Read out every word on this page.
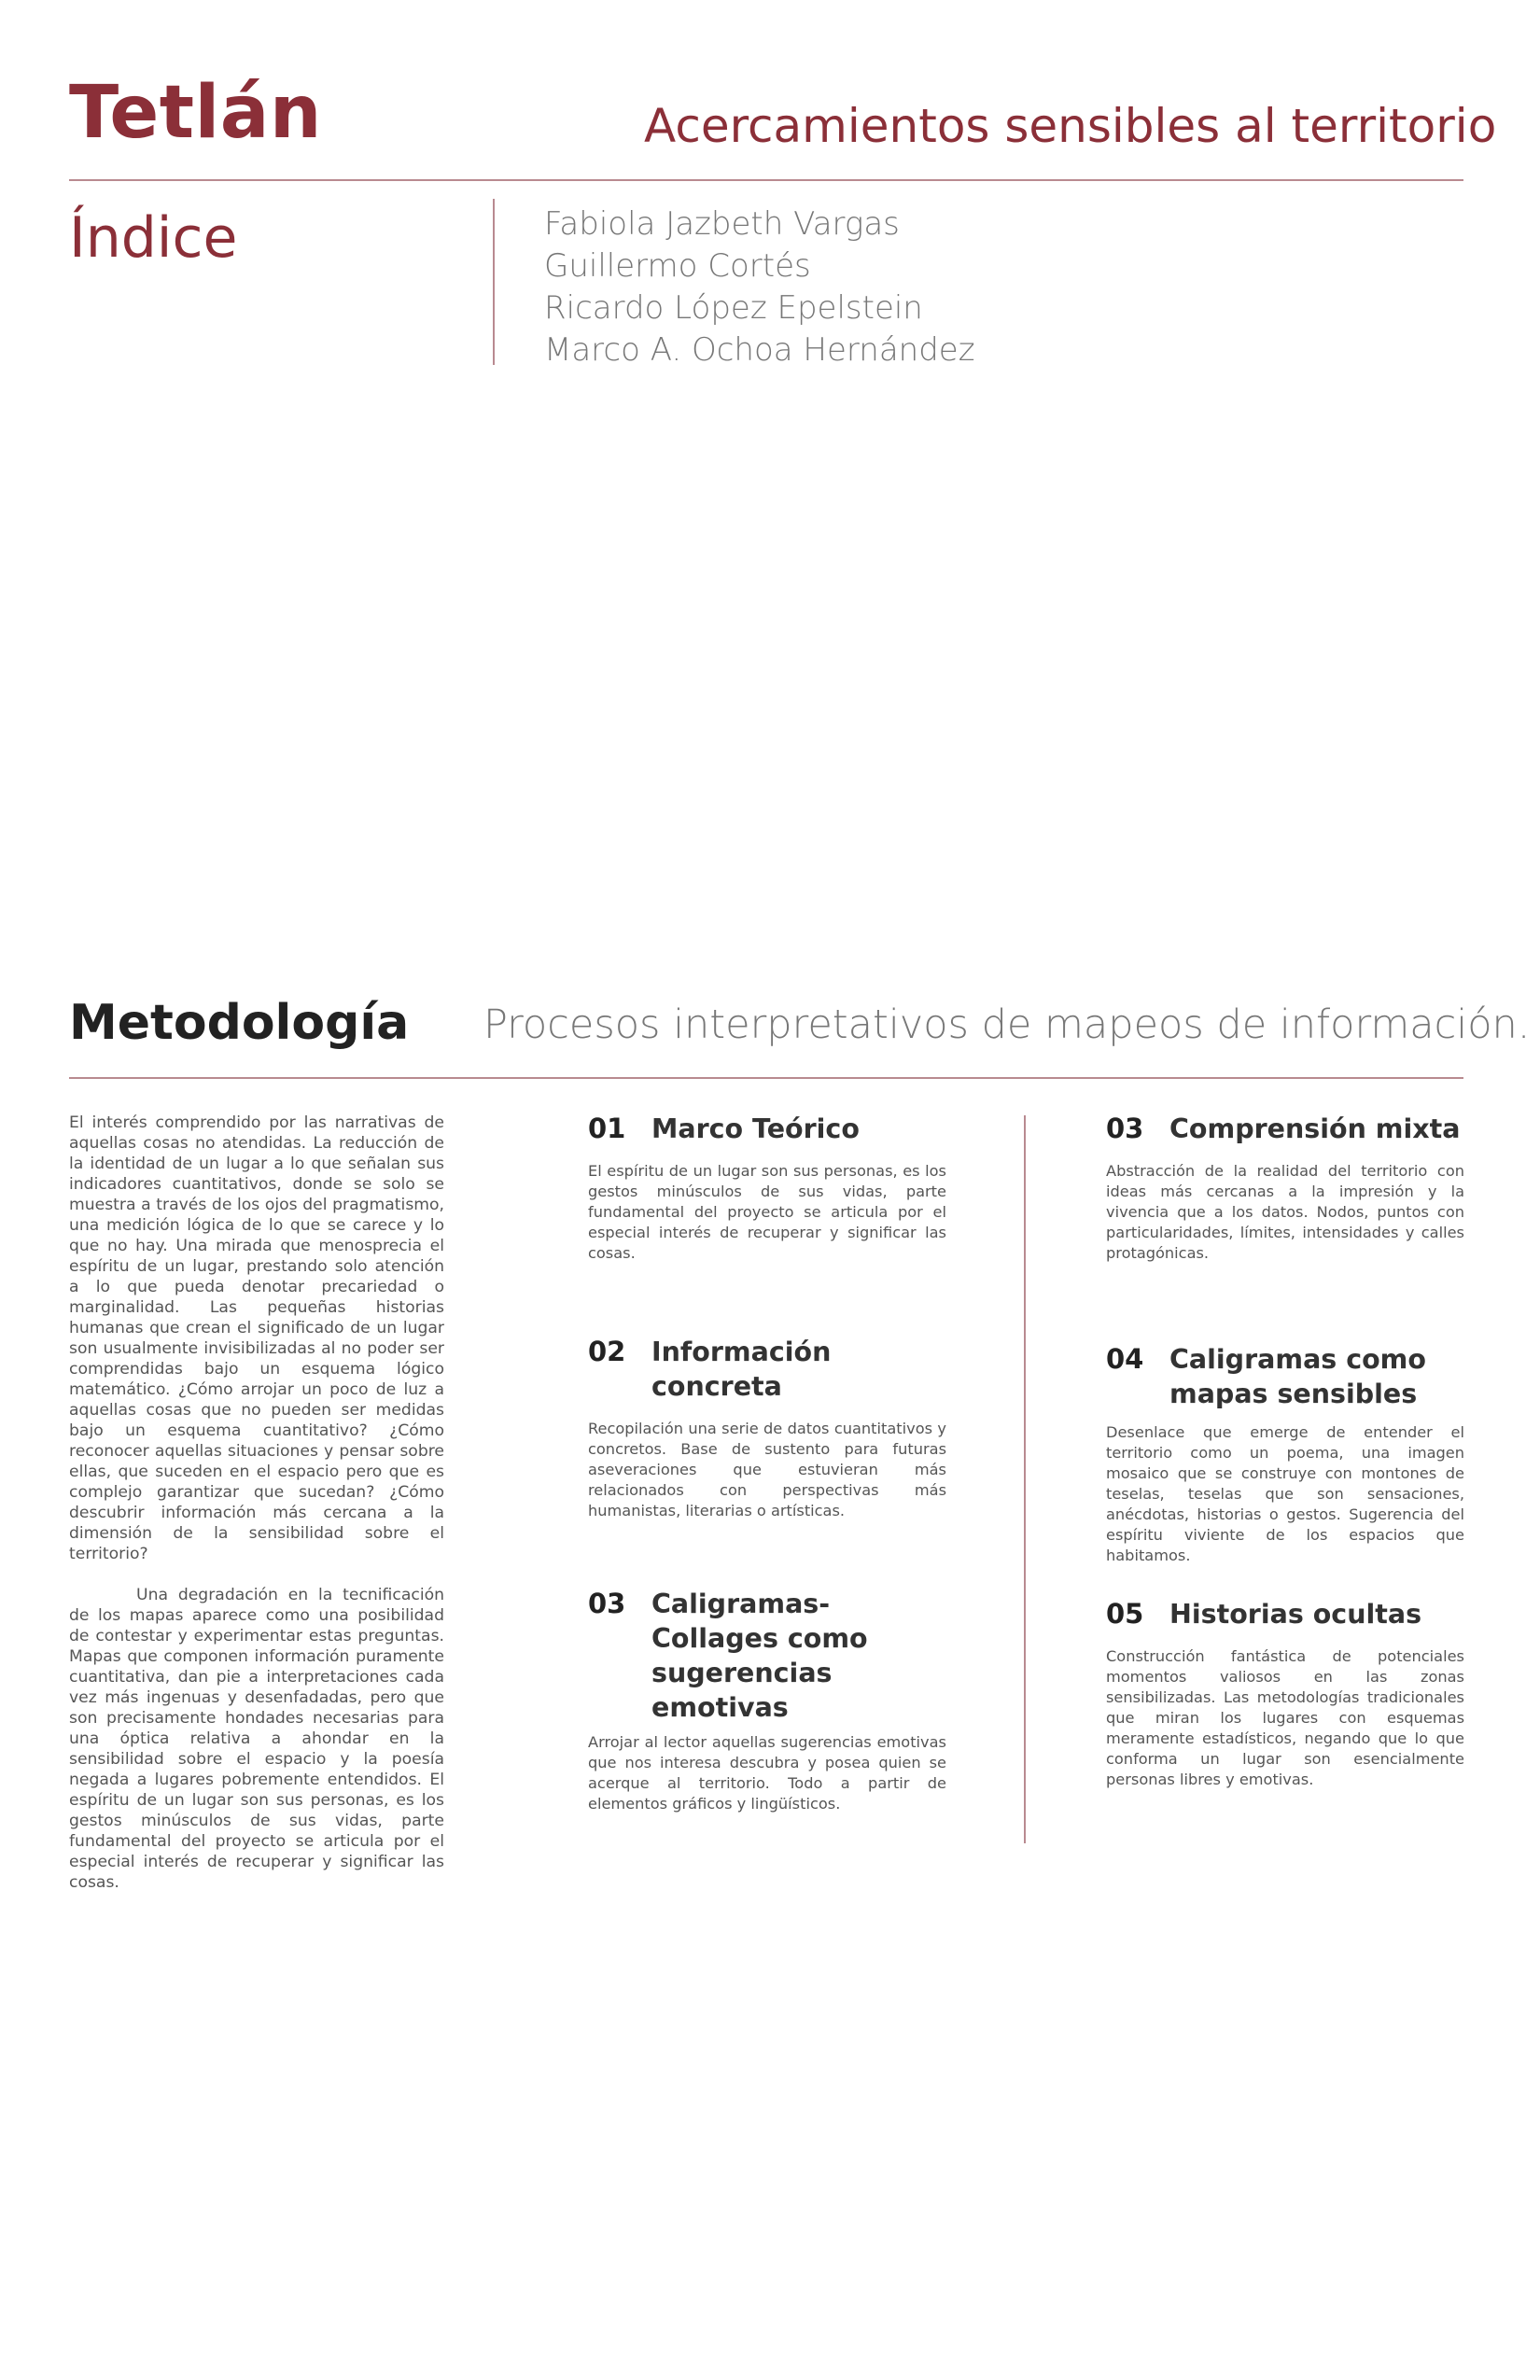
Tetlán	Acercamientos sensibles al territorio
Índice	Fabiola Jazbeth Vargas
Guillermo Cortés
Ricardo López Epelstein
Marco A. Ochoa Hernández
Metodología Procesos interpretativos de mapeos de información.

El interés comprendido por las narrativas de aquellas cosas no atendidas. La reducción de la identidad de un lugar a lo que señalan sus indicadores cuantitativos, donde se solo se muestra a través de los ojos del pragmatismo, una medición lógica de lo que se carece y lo que no hay. Una mirada que menosprecia el espíritu de un lugar, prestando solo atención a lo que pueda denotar precariedad o marginalidad. Las pequeñas historias humanas que crean el significado de un lugar son usualmente invisibilizadas al no poder ser comprendidas bajo un esquema lógico matemático. ¿Cómo arrojar un poco de luz a aquellas cosas que no pueden ser medidas bajo un esquema cuantitativo? ¿Cómo reconocer aquellas situaciones y pensar sobre ellas, que suceden en el espacio pero que es complejo garantizar que sucedan? ¿Cómo descubrir información más cercana a la dimensión de la sensibilidad sobre el territorio?

Una degradación en la tecnificación de los mapas aparece como una posibilidad de contestar y experimentar estas preguntas. Mapas que componen información puramente cuantitativa, dan pie a interpretaciones cada vez más ingenuas y desenfadadas, pero que son precisamente hondades necesarias para una óptica relativa a ahondar en la sensibilidad sobre el espacio y la poesía negada a lugares pobremente entendidos. El espíritu de un lugar son sus personas, es los gestos minúsculos de sus vidas, parte fundamental del proyecto se articula por el especial interés de recuperar y significar las cosas.

01 Marco Teórico
El espíritu de un lugar son sus personas, es los gestos minúsculos de sus vidas, parte fundamental del proyecto se articula por el especial interés de recuperar y significar las cosas.
02 Información concreta
Recopilación una serie de datos cuantitativos y concretos. Base de sustento para futuras aseveraciones que estuvieran más relacionados con perspectivas más humanistas, literarias o artísticas.
03 Caligramas-Collages como sugerencias emotivas
Arrojar al lector aquellas sugerencias emotivas que nos interesa descubra y posea quien se acerque al territorio. Todo a partir de elementos gráficos y lingüísticos.
03 Comprensión mixta
Abstracción de la realidad del territorio con ideas más cercanas a la impresión y la vivencia que a los datos. Nodos, puntos con particularidades, límites, intensidades y calles protagónicas.
04 Caligramas como mapas sensibles
Desenlace que emerge de entender el territorio como un poema, una imagen mosaico que se construye con montones de teselas, teselas que son sensaciones, anécdotas, historias o gestos. Sugerencia del espíritu viviente de los espacios que habitamos.
05 Historias ocultas
Construcción fantástica de potenciales momentos valiosos en las zonas sensibilizadas. Las metodologías tradicionales que miran los lugares con esquemas meramente estadísticos, negando que lo que conforma un lugar son esencialmente personas libres y emotivas.
